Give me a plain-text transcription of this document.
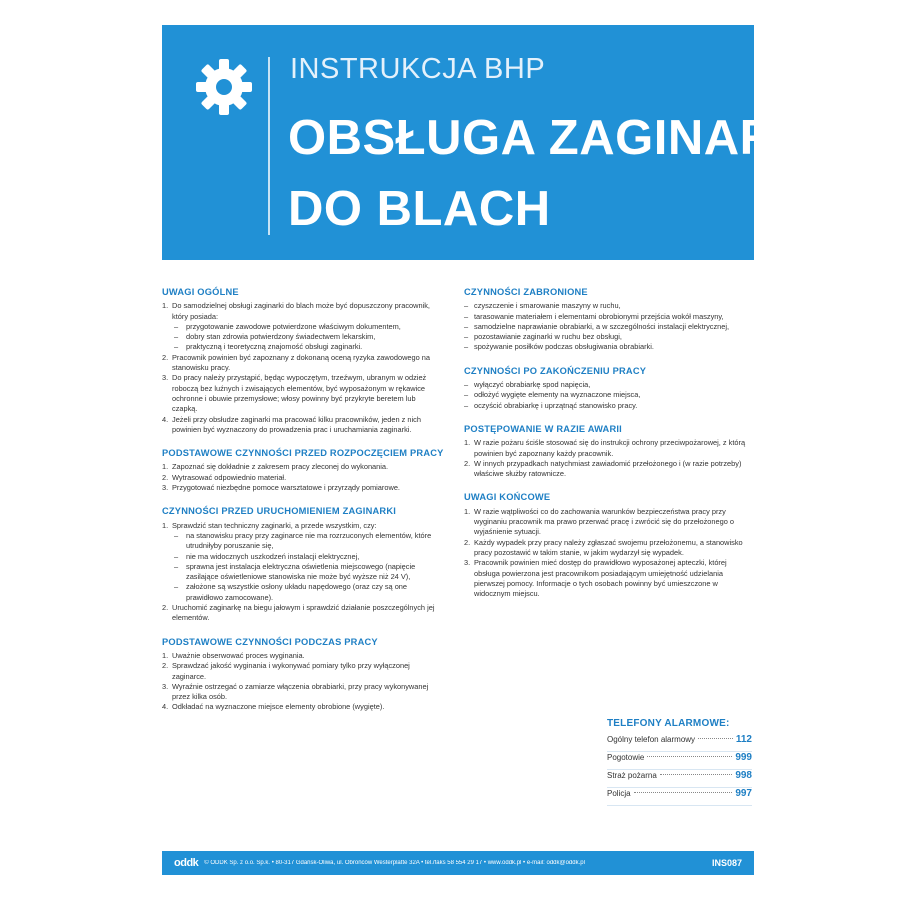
INSTRUKCJA BHP
OBSŁUGA ZAGINARKI
DO BLACH
UWAGI OGÓLNE
1. Do samodzielnej obsługi zaginarki do blach może być dopuszczony pracownik, który posiada:
– przygotowanie zawodowe potwierdzone właściwym dokumentem,
– dobry stan zdrowia potwierdzony świadectwem lekarskim,
– praktyczną i teoretyczną znajomość obsługi zaginarki.
2. Pracownik powinien być zapoznany z dokonaną oceną ryzyka zawodowego na stanowisku pracy.
3. Do pracy należy przystąpić, będąc wypoczętym, trzeźwym, ubranym w odzież roboczą bez luźnych i zwisających elementów, być wyposażonym w rękawice ochronne i obuwie przemysłowe; włosy powinny być przykryte beretem lub czapką.
4. Jeżeli przy obsłudze zaginarki ma pracować kilku pracowników, jeden z nich powinien być wyznaczony do prowadzenia prac i uruchamiania zaginarki.
PODSTAWOWE CZYNNOŚCI PRZED ROZPOCZĘCIEM PRACY
1. Zapoznać się dokładnie z zakresem pracy zleconej do wykonania.
2. Wytrasować odpowiednio materiał.
3. Przygotować niezbędne pomoce warsztatowe i przyrządy pomiarowe.
CZYNNOŚCI PRZED URUCHOMIENIEM ZAGINARKI
1. Sprawdzić stan techniczny zaginarki, a przede wszystkim, czy:
– na stanowisku pracy przy zaginarce nie ma rozrzuconych elementów, które utrudniłyby poruszanie się,
– nie ma widocznych uszkodzeń instalacji elektrycznej,
– sprawna jest instalacja elektryczna oświetlenia miejscowego (napięcie zasilające oświetleniowe stanowiska nie może być wyższe niż 24 V),
– założone są wszystkie osłony układu napędowego (oraz czy są one prawidłowo zamocowane).
2. Uruchomić zaginarkę na biegu jałowym i sprawdzić działanie poszczególnych jej elementów.
PODSTAWOWE CZYNNOŚCI PODCZAS PRACY
1. Uważnie obserwować proces wyginania.
2. Sprawdzać jakość wyginania i wykonywać pomiary tylko przy wyłączonej zaginarce.
3. Wyraźnie ostrzegać o zamiarze włączenia obrabiarki, przy pracy wykonywanej przez kilka osób.
4. Odkładać na wyznaczone miejsce elementy obrobione (wygięte).
CZYNNOŚCI ZABRONIONE
– czyszczenie i smarowanie maszyny w ruchu,
– tarasowanie materiałem i elementami obrobionymi przejścia wokół maszyny,
– samodzielne naprawianie obrabiarki, a w szczególności instalacji elektrycznej,
– pozostawianie zaginarki w ruchu bez obsługi,
– spożywanie posiłków podczas obsługiwania obrabiarki.
CZYNNOŚCI PO ZAKOŃCZENIU PRACY
– wyłączyć obrabiarkę spod napięcia,
– odłożyć wygięte elementy na wyznaczone miejsca,
– oczyścić obrabiarkę i uprzątnąć stanowisko pracy.
POSTĘPOWANIE W RAZIE AWARII
1. W razie pożaru ściśle stosować się do instrukcji ochrony przeciwpożarowej, z którą powinien być zapoznany każdy pracownik.
2. W innych przypadkach natychmiast zawiadomić przełożonego i (w razie potrzeby) właściwe służby ratownicze.
UWAGI KOŃCOWE
1. W razie wątpliwości co do zachowania warunków bezpieczeństwa pracy przy wyginaniu pracownik ma prawo przerwać pracę i zwrócić się do przełożonego o wyjaśnienie sytuacji.
2. Każdy wypadek przy pracy należy zgłaszać swojemu przełożonemu, a stanowisko pracy pozostawić w takim stanie, w jakim wydarzył się wypadek.
3. Pracownik powinien mieć dostęp do prawidłowo wyposażonej apteczki, której obsługa powierzona jest pracownikom posiadającym umiejętność udzielania pierwszej pomocy. Informacje o tych osobach powinny być umieszczone w widocznym miejscu.
TELEFONY ALARMOWE:
Ogólny telefon alarmowy	112
Pogotowie	999
Straż pożarna	998
Policja	997
oddk © ODDK Sp. z o.o. Sp.k. • 80-317 Gdańsk-Oliwa, ul. Obrońców Westerplatte 32A • tel./faks 58 554 29 17 • www.oddk.pl • e-mail: oddk@oddk.pl	INS087
